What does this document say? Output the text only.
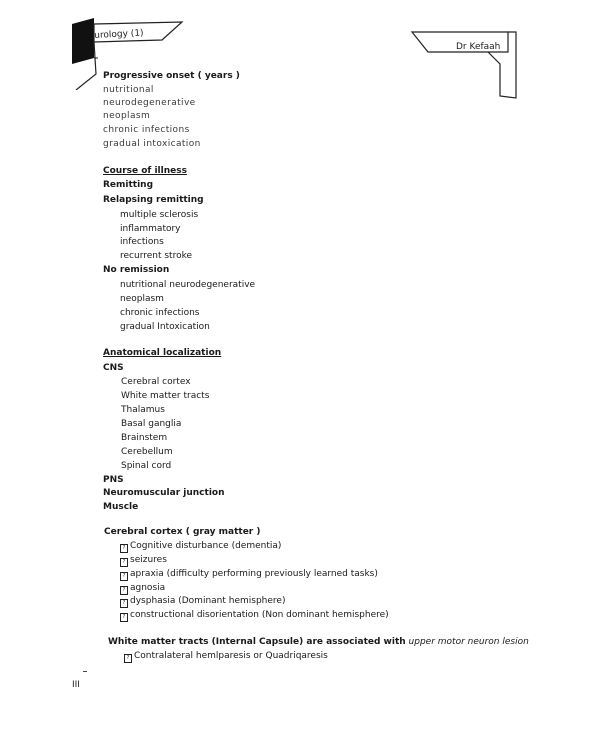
urology (1)
Dr Kefaah
Progressive onset ( years )
nutritional
neurodegenerative
neoplasm
chronic infections
gradual intoxication
Course of illness
Remitting
Relapsing remitting
multiple sclerosis
inflammatory
infections
recurrent stroke
No remission
nutritional neurodegenerative
neoplasm
chronic infections
gradual Intoxication
Anatomical localization
CNS
Cerebral cortex
White matter tracts
Thalamus
Basal ganglia
Brainstem
Cerebellum
Spinal cord
PNS
Neuromuscular junction
Muscle
Cerebral cortex ( gray matter )
? Cognitive disturbance (dementia)
? seizures
? apraxia (difficulty performing previously learned tasks)
? agnosia
? dysphasia (Dominant hemisphere)
? constructional disorientation (Non dominant hemisphere)
White matter tracts (Internal Capsule) are associated with upper motor neuron lesion
? Contralateral hemlparesis or Quadriqaresis
III
